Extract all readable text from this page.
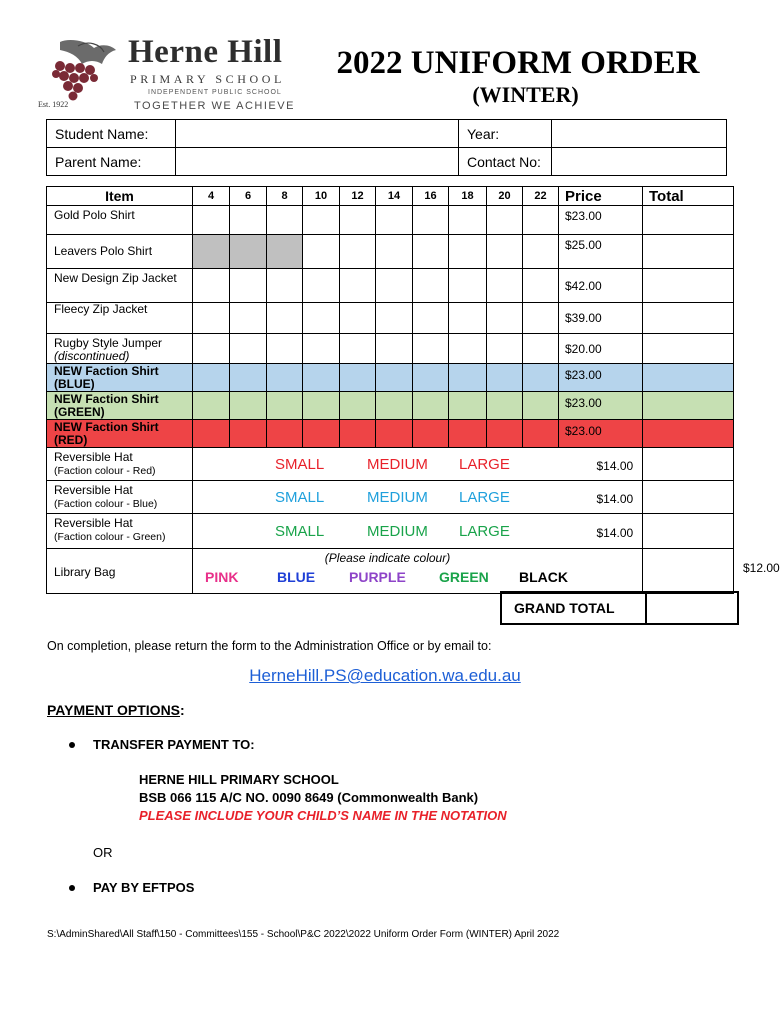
Est. 1922
Herne Hill
PRIMARY SCHOOL
INDEPENDENT PUBLIC SCHOOL
TOGETHER WE ACHIEVE
2022 UNIFORM ORDER
(WINTER)
Student Name:		Year:	
Parent Name:		Contact No:	
Item	4	6	8	10	12	14	16	18	20	22	Price	Total
Gold Polo Shirt											$23.00	
Leavers Polo Shirt											$25.00	
New Design Zip Jacket											$42.00	
Fleecy Zip Jacket											$39.00	
Rugby Style Jumper
(discontinued)											$20.00	
NEW Faction Shirt
(BLUE)											$23.00	
NEW Faction Shirt
(GREEN)											$23.00	
NEW Faction Shirt
(RED)											$23.00	
Reversible Hat
(Faction colour - Red)	SMALL MEDIUM LARGE $14.00											

Reversible Hat
(Faction colour - Blue)	SMALL MEDIUM LARGE $14.00											

Reversible Hat
(Faction colour - Green)	SMALL MEDIUM LARGE $14.00											

Library Bag	(Please indicate colour)
PINK BLUE PURPLE GREEN BLACK
$12.00											

GRAND TOTAL	
On completion, please return the form to the Administration Office or by email to:
HerneHill.PS@education.wa.edu.au
PAYMENT OPTIONS:
TRANSFER PAYMENT TO:
HERNE HILL PRIMARY SCHOOL
BSB 066 115 A/C NO. 0090 8649 (Commonwealth Bank)
PLEASE INCLUDE YOUR CHILD’S NAME IN THE NOTATION
OR
PAY BY EFTPOS
S:\AdminShared\All Staff\150 - Committees\155 - School\P&C 2022\2022 Uniform Order Form (WINTER) April 2022
